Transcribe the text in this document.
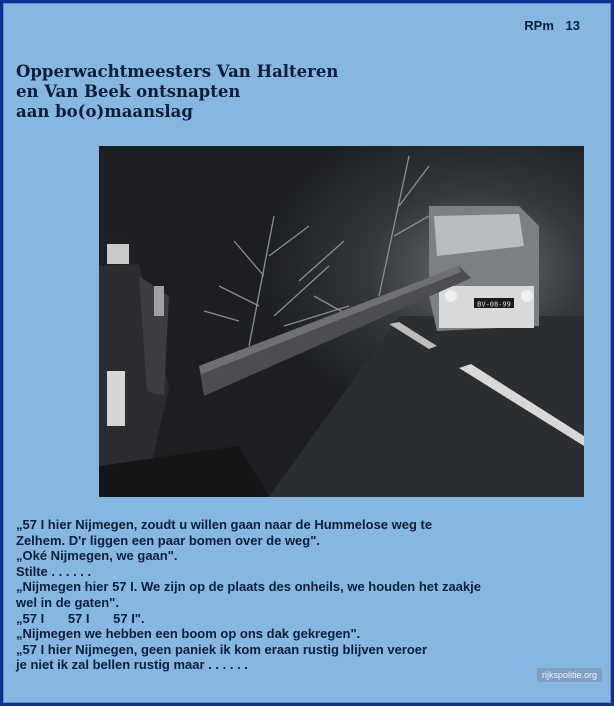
RPm 13
Opperwachtmeesters Van Halteren
en Van Beek ontsnapten
aan bo(o)maanslag
BV-08-99
„57 I hier Nijmegen, zoudt u willen gaan naar de Hummelose weg te
Zelhem. D'r liggen een paar bomen over de weg".
„Oké Nijmegen, we gaan".
Stilte . . . . . .
„Nijmegen hier 57 I. We zijn op de plaats des onheils, we houden het zaakje
wel in de gaten".
„57 I 57 I 57 I".
„Nijmegen we hebben een boom op ons dak gekregen".
„57 I hier Nijmegen, geen paniek ik kom eraan rustig blijven veroer
je niet ik zal bellen rustig maar . . . . . .
rijkspolitie.org
